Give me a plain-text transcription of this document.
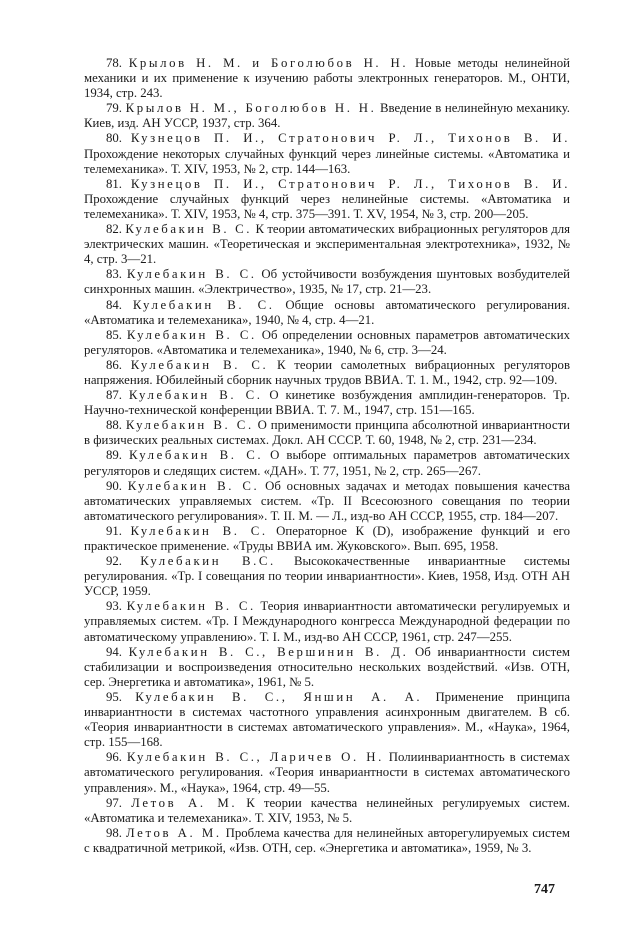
78. Крылов Н. М. и Боголюбов Н. Н. Новые методы нелинейной механики и их применение к изучению работы электронных генераторов. М., ОНТИ, 1934, стр. 243.

79. Крылов Н. М., Боголюбов Н. Н. Введение в нелинейную механику. Киев, изд. АН УССР, 1937, стр. 364.

80. Кузнецов П. И., Стратонович Р. Л., Тихонов В. И. Прохождение некоторых случайных функций через линейные системы. «Автоматика и телемеханика». Т. XIV, 1953, № 2, стр. 144—163.

81. Кузнецов П. И., Стратонович Р. Л., Тихонов В. И. Прохождение случайных функций через нелинейные системы. «Автоматика и телемеханика». Т. XIV, 1953, № 4, стр. 375—391. Т. XV, 1954, № 3, стр. 200—205.

82. Кулебакин В. С. К теории автоматических вибрационных регуляторов для электрических машин. «Теоретическая и экспериментальная электротехника», 1932, № 4, стр. 3—21.

83. Кулебакин В. С. Об устойчивости возбуждения шунтовых возбудителей синхронных машин. «Электричество», 1935, № 17, стр. 21—23.

84. Кулебакин В. С. Общие основы автоматического регулирования. «Автоматика и телемеханика», 1940, № 4, стр. 4—21.

85. Кулебакин В. С. Об определении основных параметров автоматических регуляторов. «Автоматика и телемеханика», 1940, № 6, стр. 3—24.

86. Кулебакин В. С. К теории самолетных вибрационных регуляторов напряжения. Юбилейный сборник научных трудов ВВИА. Т. 1. М., 1942, стр. 92—109.

87. Кулебакин В. С. О кинетике возбуждения амплидин-генераторов. Тр. Научно-технической конференции ВВИА. Т. 7. М., 1947, стр. 151—165.

88. Кулебакин В. С. О применимости принципа абсолютной инвариантности в физических реальных системах. Докл. АН СССР. Т. 60, 1948, № 2, стр. 231—234.

89. Кулебакин В. С. О выборе оптимальных параметров автоматических регуляторов и следящих систем. «ДАН». Т. 77, 1951, № 2, стр. 265—267.

90. Кулебакин В. С. Об основных задачах и методах повышения качества автоматических управляемых систем. «Тр. II Всесоюзного совещания по теории автоматического регулирования». Т. II. М. — Л., изд-во АН СССР, 1955, стр. 184—207.

91. Кулебакин В. С. Операторное К (D), изображение функций и его практическое применение. «Труды ВВИА им. Жуковского». Вып. 695, 1958.

92. Кулебакин В.С. Высококачественные инвариантные системы регулирования. «Тр. I совещания по теории инвариантности». Киев, 1958, Изд. ОТН АН УССР, 1959.

93. Кулебакин В. С. Теория инвариантности автоматически регулируемых и управляемых систем. «Тр. I Международного конгресса Международной федерации по автоматическому управлению». Т. I. М., изд-во АН СССР, 1961, стр. 247—255.

94. Кулебакин В. С., Вершинин В. Д. Об инвариантности систем стабилизации и воспроизведения относительно нескольких воздействий. «Изв. ОТН, сер. Энергетика и автоматика», 1961, № 5.

95. Кулебакин В. С., Яншин А. А. Применение принципа инвариантности в системах частотного управления асинхронным двигателем. В сб. «Теория инвариантности в системах автоматического управления». М., «Наука», 1964, стр. 155—168.

96. Кулебакин В. С., Ларичев О. Н. Полиинвариантность в системах автоматического регулирования. «Теория инвариантности в системах автоматического управления». М., «Наука», 1964, стр. 49—55.

97. Летов А. М. К теории качества нелинейных регулируемых систем. «Автоматика и телемеханика». Т. XIV, 1953, № 5.

98. Летов А. М. Проблема качества для нелинейных авторегулируемых систем с квадратичной метрикой, «Изв. ОТН, сер. «Энергетика и автоматика», 1959, № 3.

747
